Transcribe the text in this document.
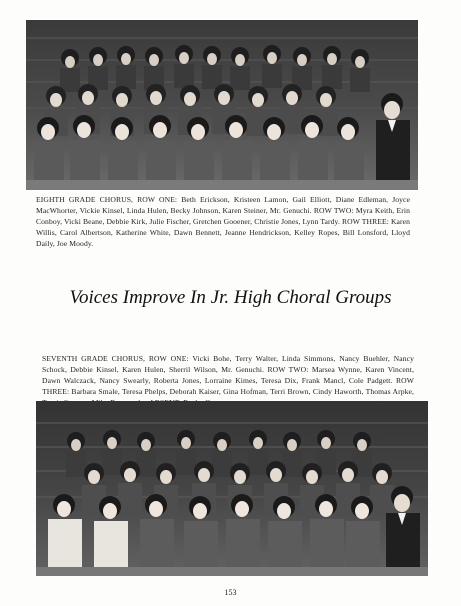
EIGHTH GRADE CHORUS, ROW ONE: Beth Erickson, Kristeen Lamon, Gail Elliott, Diane Edleman, Joyce MacWhorter, Vickie Kinsel, Linda Hulen, Becky Johnson, Karen Steiner, Mr. Genuchi. ROW TWO: Myra Keith, Erin Conboy, Vicki Beane, Debbie Kirk, Julie Fischer, Gretchen Gooener, Christie Jones, Lynn Tardy. ROW THREE: Karen Willis, Carol Albertson, Katherine White, Dawn Bennett, Jeanne Hendrickson, Kelley Ropes, Bill Lonsford, Lloyd Daily, Joe Moody.
Voices Improve In Jr. High Choral Groups
SEVENTH GRADE CHORUS, ROW ONE: Vicki Bohe, Terry Walter, Linda Simmons, Nancy Buehler, Nancy Schock, Debbie Kinsel, Karen Hulen, Sherril Wilson, Mr. Genuchi. ROW TWO: Marsea Wynne, Karen Vincent, Dawn Walczack, Nancy Swearly, Roberta Jones, Lorraine Kimes, Teresa Dix, Frank Mancl, Cole Padgett. ROW THREE: Barbara Smale, Teresa Phelps, Deborah Kaiser, Gina Hofman, Terri Brown, Cindy Haworth, Thomas Arpke,
153
